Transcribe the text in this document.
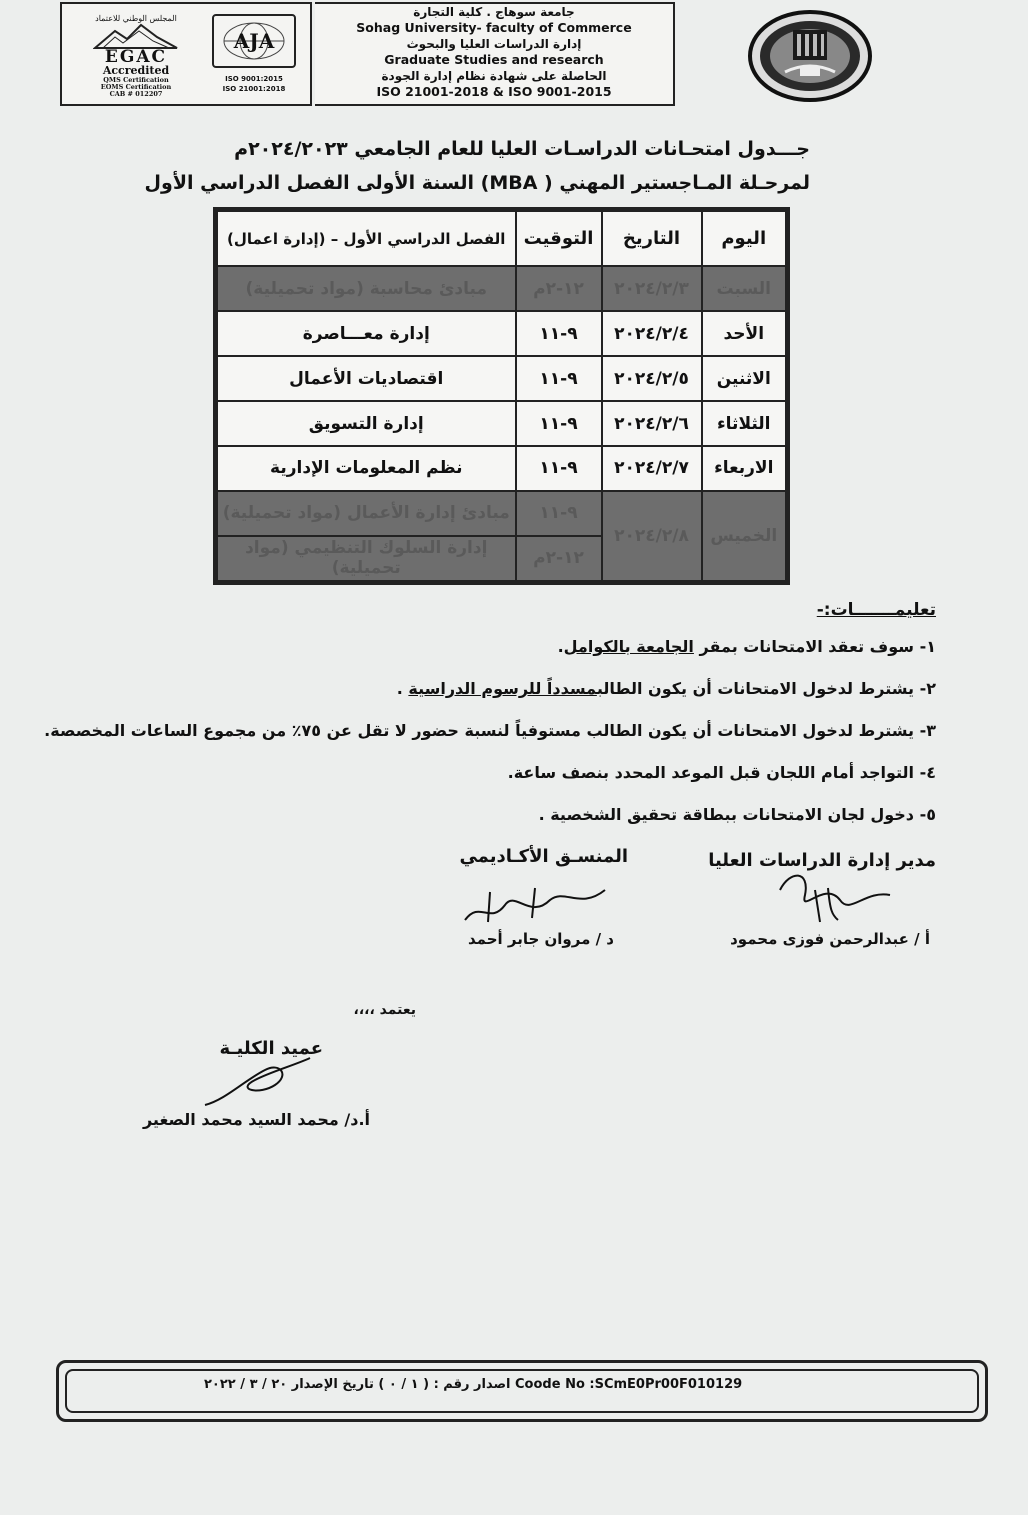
المجلس الوطني للاعتماد
EGAC
Accredited
QMS Certification
EOMS Certification
CAB # 012207
AJA
ISO 9001:2015
ISO 21001:2018
جامعة سوهاج . كلية التجارة
Sohag University- faculty of Commerce
إدارة الدراسات العليا والبحوث
Graduate Studies and research
الحاصلة على شهادة نظام إدارة الجودة
ISO 21001-2018 & ISO 9001-2015
جـــدول امتحـانات الدراسـات العليا للعام الجامعي ٢٠٢٤/٢٠٢٣م
لمرحـلة المـاجستير المهني ( MBA) السنة الأولى الفصل الدراسي الأول
اليوم	التاريخ	التوقيت	الفصل الدراسي الأول – (إدارة اعمال)
السبت	٢٠٢٤/٢/٣	١٢-٢م	مبادئ محاسبة (مواد تحميلية)
الأحد	٢٠٢٤/٢/٤	٩-١١	إدارة معـــاصرة
الاثنين	٢٠٢٤/٢/٥	٩-١١	اقتصاديات الأعمال
الثلاثاء	٢٠٢٤/٢/٦	٩-١١	إدارة التسويق
الاربعاء	٢٠٢٤/٢/٧	٩-١١	نظم المعلومات الإدارية
الخميس	٢٠٢٤/٢/٨	٩-١١	مبادئ إدارة الأعمال (مواد تحميلية)
		١٢-٢م	إدارة السلوك التنظيمي (مواد تحميلية)
تعليمـــــــات:-
١- سوف تعقد الامتحانات بمقر الجامعة بالكوامل.
٢- يشترط لدخول الامتحانات أن يكون الطالبمسدداً للرسوم الدراسية .
٣- يشترط لدخول الامتحانات أن يكون الطالب مستوفياً لنسبة حضور لا تقل عن ٧٥٪ من مجموع الساعات المخصصة.
٤- التواجد أمام اللجان قبل الموعد المحدد بنصف ساعة.
٥- دخول لجان الامتحانات ببطاقة تحقيق الشخصية .
مدير إدارة الدراسات العليا
أ / عبدالرحمن فوزى محمود
المنسـق الأكـاديمي
د / مروان جابر أحمد
يعتمد ،،،،
عميد الكليـة
أ.د/ محمد السيد محمد الصغير
Coode No :SCmE0Pr00F010129 اصدار رقم : ( ١ / ٠ ) تاريخ الإصدار ٢٠ / ٣ / ٢٠٢٢
